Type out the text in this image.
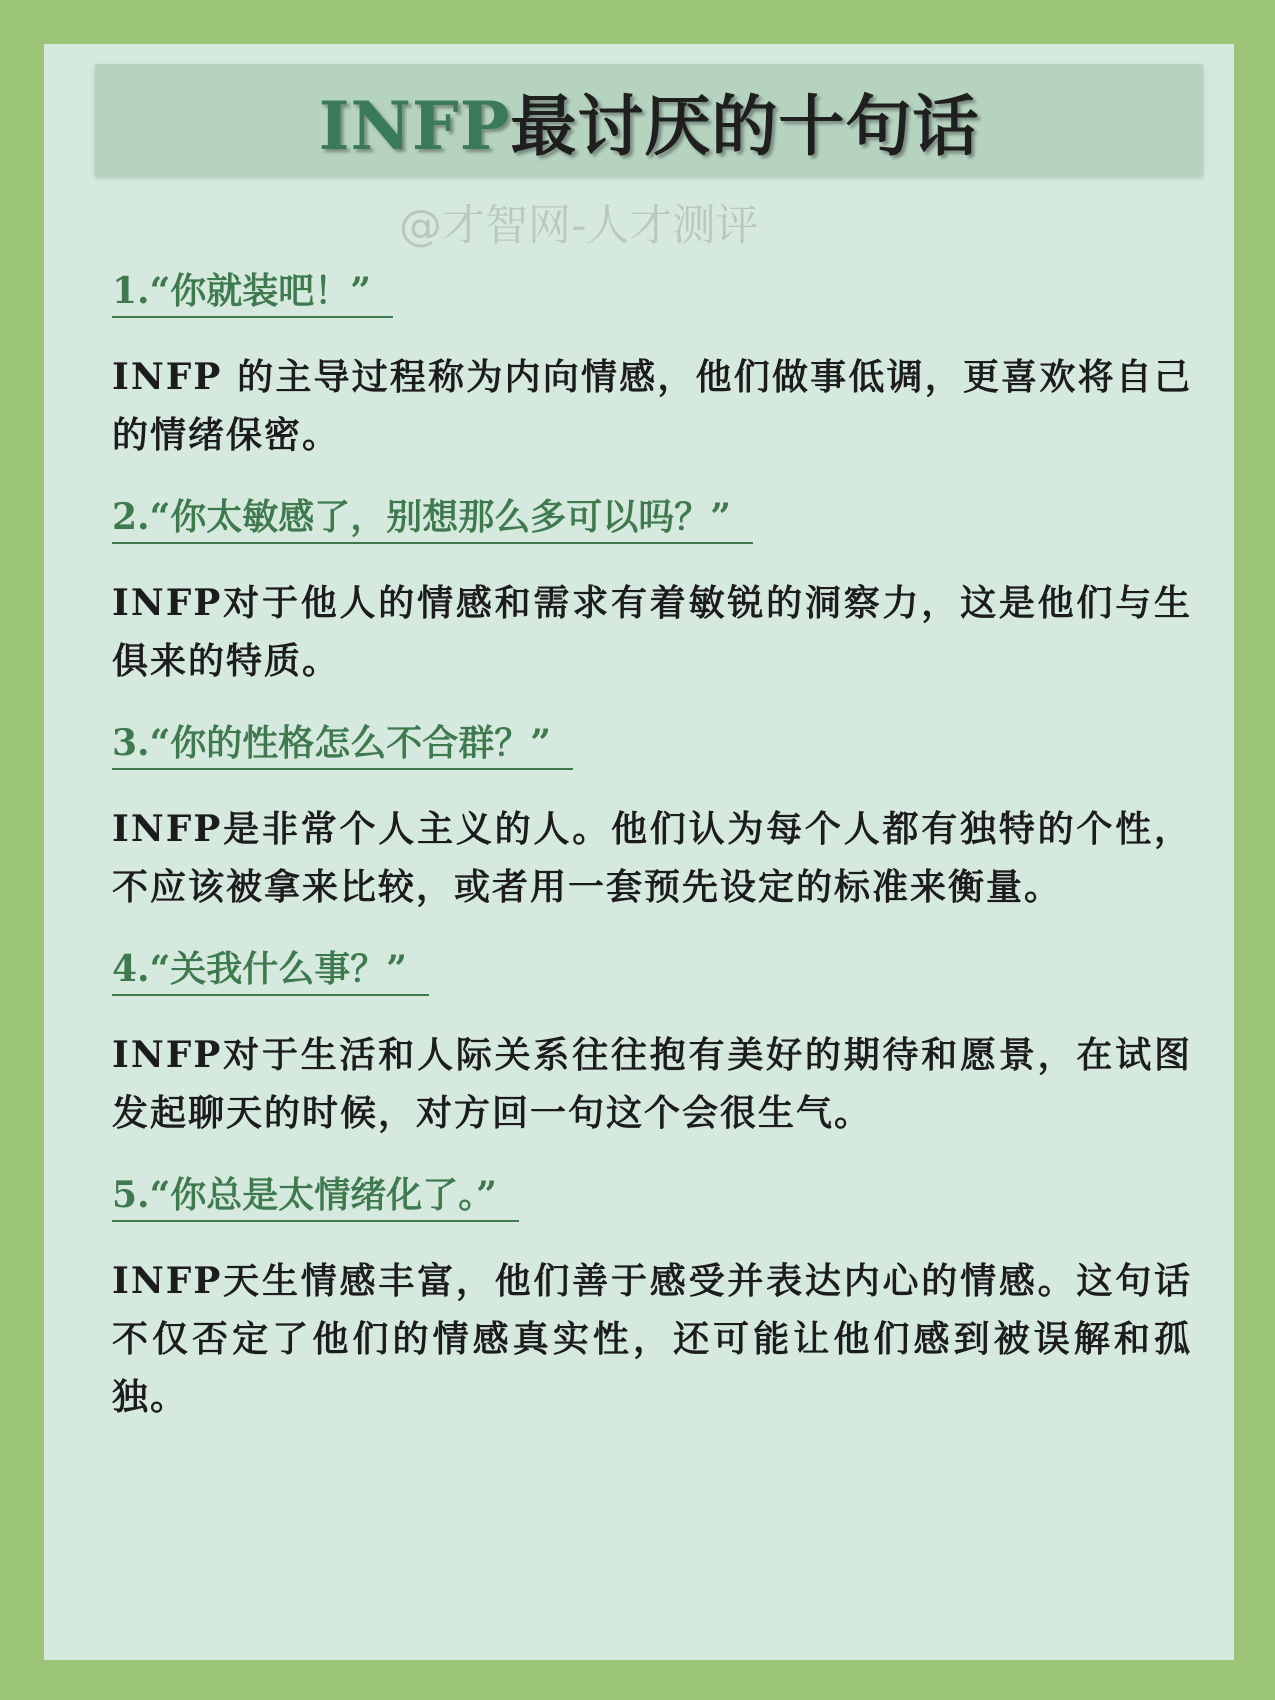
INFP最讨厌的十句话
@才智网-人才测评
1.“你就装吧！”

INFP 的主导过程称为内向情感，他们做事低调，更喜欢将自己的情绪保密。

2.“你太敏感了，别想那么多可以吗？”

INFP对于他人的情感和需求有着敏锐的洞察力，这是他们与生俱来的特质。

3.“你的性格怎么不合群？”

INFP是非常个人主义的人。他们认为每个人都有独特的个性，不应该被拿来比较，或者用一套预先设定的标准来衡量。

4.“关我什么事？”

INFP对于生活和人际关系往往抱有美好的期待和愿景，在试图发起聊天的时候，对方回一句这个会很生气。

5.“你总是太情绪化了。”

INFP天生情感丰富，他们善于感受并表达内心的情感。这句话不仅否定了他们的情感真实性，还可能让他们感到被误解和孤独。
